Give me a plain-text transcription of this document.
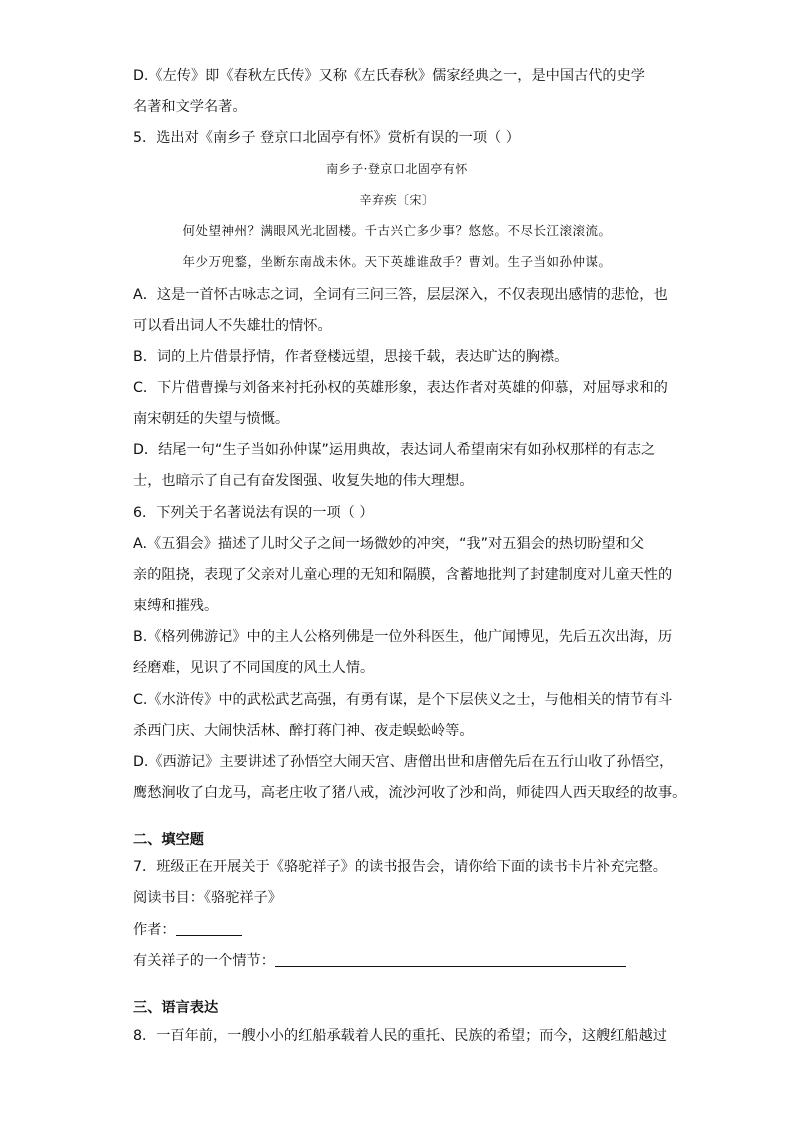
D.《左传》即《春秋左氏传》又称《左氏春秋》儒家经典之一，是中国古代的史学
名著和文学名著。
5．选出对《南乡子 登京口北固亭有怀》赏析有误的一项（ ）
南乡子·登京口北固亭有怀
辛弃疾〔宋〕
何处望神州？满眼风光北固楼。千古兴亡多少事？悠悠。不尽长江滚滚流。
年少万兜鍪，坐断东南战未休。天下英雄谁敌手？曹刘。生子当如孙仲谋。
A．这是一首怀古咏志之词，全词有三问三答，层层深入，不仅表现出感情的悲怆，也
可以看出词人不失雄壮的情怀。
B．词的上片借景抒情，作者登楼远望，思接千载，表达旷达的胸襟。
C．下片借曹操与刘备来衬托孙权的英雄形象，表达作者对英雄的仰慕，对屈辱求和的
南宋朝廷的失望与愤慨。
D．结尾一句“生子当如孙仲谋”运用典故，表达词人希望南宋有如孙权那样的有志之
士，也暗示了自己有奋发图强、收复失地的伟大理想。
6．下列关于名著说法有误的一项（ ）
A.《五猖会》描述了儿时父子之间一场微妙的冲突，“我”对五猖会的热切盼望和父
亲的阻挠，表现了父亲对儿童心理的无知和隔膜，含蓄地批判了封建制度对儿童天性的
束缚和摧残。
B.《格列佛游记》中的主人公格列佛是一位外科医生，他广闻博见，先后五次出海，历
经磨难，见识了不同国度的风土人情。
C.《水浒传》中的武松武艺高强，有勇有谋，是个下层侠义之士，与他相关的情节有斗
杀西门庆、大闹快活林、醉打蒋门神、夜走蜈蚣岭等。
D.《西游记》主要讲述了孙悟空大闹天宫、唐僧出世和唐僧先后在五行山收了孙悟空，
鹰愁涧收了白龙马，高老庄收了猪八戒，流沙河收了沙和尚，师徒四人西天取经的故事。
二、填空题
7．班级正在开展关于《骆驼祥子》的读书报告会，请你给下面的读书卡片补充完整。
阅读书目：《骆驼祥子》
作者：
有关祥子的一个情节：
三、语言表达
8．一百年前，一艘小小的红船承载着人民的重托、民族的希望；而今，这艘红船越过
